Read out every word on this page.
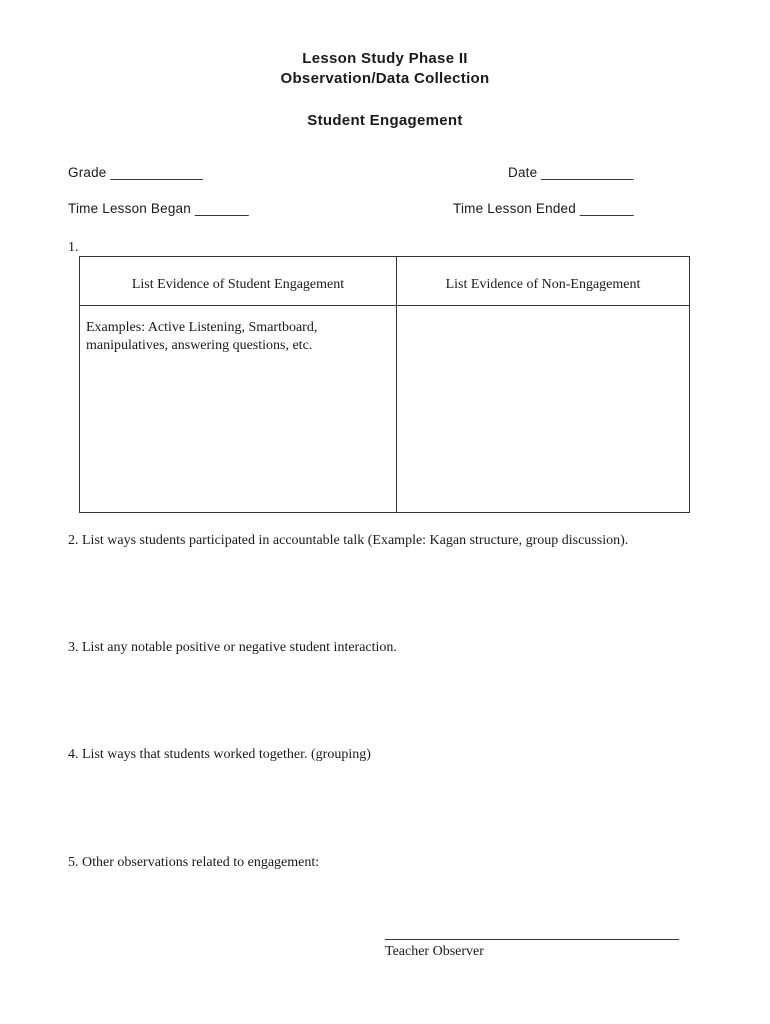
Lesson Study Phase II
Observation/Data Collection
Student Engagement
Grade ____________	Date ____________
Time Lesson Began _______	Time Lesson Ended _______
1.
List Evidence of Student Engagement	List Evidence of Non-Engagement
Examples: Active Listening, Smartboard,
manipulatives, answering questions, etc.
2. List ways students participated in accountable talk (Example: Kagan structure, group discussion).
3. List any notable positive or negative student interaction.
4. List ways that students worked together. (grouping)
5. Other observations related to engagement:
Teacher Observer
